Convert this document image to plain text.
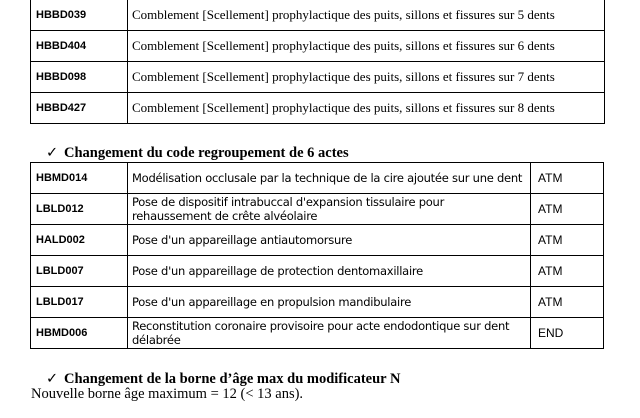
HBBD039	Comblement [Scellement] prophylactique des puits, sillons et fissures sur 5 dents
HBBD404	Comblement [Scellement] prophylactique des puits, sillons et fissures sur 6 dents
HBBD098	Comblement [Scellement] prophylactique des puits, sillons et fissures sur 7 dents
HBBD427	Comblement [Scellement] prophylactique des puits, sillons et fissures sur 8 dents
✓ Changement du code regroupement de 6 actes
HBMD014	Modélisation occlusale par la technique de la cire ajoutée sur une dent	ATM
LBLD012	Pose de dispositif intrabuccal d'expansion tissulaire pour rehaussement de crête alvéolaire	ATM
HALD002	Pose d'un appareillage antiautomorsure	ATM
LBLD007	Pose d'un appareillage de protection dentomaxillaire	ATM
LBLD017	Pose d'un appareillage en propulsion mandibulaire	ATM
HBMD006	Reconstitution coronaire provisoire pour acte endodontique sur dent délabrée	END
✓ Changement de la borne d’âge max du modificateur N
Nouvelle borne âge maximum = 12 (< 13 ans).
